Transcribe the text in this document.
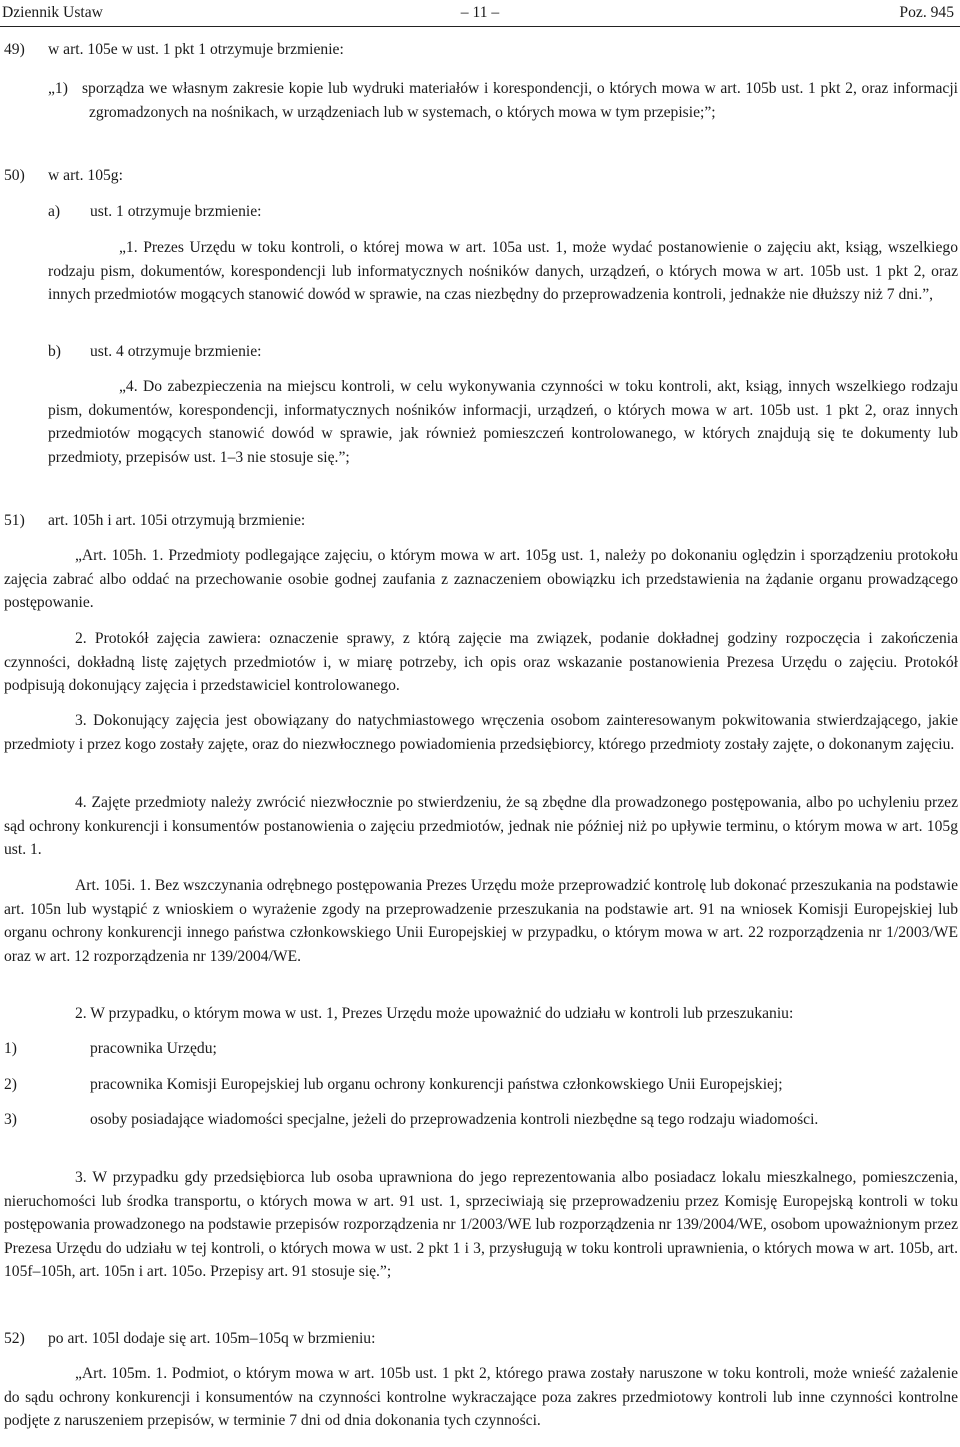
– 11 –
Dziennik Ustaw	Poz. 945
49) w art. 105e w ust. 1 pkt 1 otrzymuje brzmienie:

„1)   sporządza we własnym zakresie kopie lub wydruki materiałów i korespondencji, o których mowa w art. 105b ust. 1 pkt 2, oraz informacji zgromadzonych na nośnikach, w urządzeniach lub w systemach, o których mowa w tym przepisie;”;

50) w art. 105g:

a) ust. 1 otrzymuje brzmienie:

„1. Prezes Urzędu w toku kontroli, o której mowa w art. 105a ust. 1, może wydać postanowienie o zajęciu akt, ksiąg, wszelkiego rodzaju pism, dokumentów, korespondencji lub informatycznych nośników danych, urządzeń, o których mowa w art. 105b ust. 1 pkt 2, oraz innych przedmiotów mogących stanowić dowód w sprawie, na czas niezbędny do przeprowadzenia kontroli, jednakże nie dłuższy niż 7 dni.”,

b) ust. 4 otrzymuje brzmienie:

„4. Do zabezpieczenia na miejscu kontroli, w celu wykonywania czynności w toku kontroli, akt, ksiąg, innych wszelkiego rodzaju pism, dokumentów, korespondencji, informatycznych nośników informacji, urządzeń, o których mowa w art. 105b ust. 1 pkt 2, oraz innych przedmiotów mogących stanowić dowód w sprawie, jak również pomieszczeń kontrolowanego, w których znajdują się te dokumenty lub przedmioty, przepisów ust. 1–3 nie stosuje się.”;

51) art. 105h i art. 105i otrzymują brzmienie:

„Art. 105h. 1. Przedmioty podlegające zajęciu, o którym mowa w art. 105g ust. 1, należy po dokonaniu oględzin i sporządzeniu protokołu zajęcia zabrać albo oddać na przechowanie osobie godnej zaufania z zaznaczeniem obowiązku ich przedstawienia na żądanie organu prowadzącego postępowanie.

2. Protokół zajęcia zawiera: oznaczenie sprawy, z którą zajęcie ma związek, podanie dokładnej godziny rozpoczęcia i zakończenia czynności, dokładną listę zajętych przedmiotów i, w miarę potrzeby, ich opis oraz wskazanie postanowienia Prezesa Urzędu o zajęciu. Protokół podpisują dokonujący zajęcia i przedstawiciel kontrolowanego.

3. Dokonujący zajęcia jest obowiązany do natychmiastowego wręczenia osobom zainteresowanym pokwitowania stwierdzającego, jakie przedmioty i przez kogo zostały zajęte, oraz do niezwłocznego powiadomienia przedsiębiorcy, którego przedmioty zostały zajęte, o dokonanym zajęciu.

4. Zajęte przedmioty należy zwrócić niezwłocznie po stwierdzeniu, że są zbędne dla prowadzonego postępowania, albo po uchyleniu przez sąd ochrony konkurencji i konsumentów postanowienia o zajęciu przedmiotów, jednak nie później niż po upływie terminu, o którym mowa w art. 105g ust. 1.

Art. 105i. 1. Bez wszczynania odrębnego postępowania Prezes Urzędu może przeprowadzić kontrolę lub dokonać przeszukania na podstawie art. 105n lub wystąpić z wnioskiem o wyrażenie zgody na przeprowadzenie przeszukania na podstawie art. 91 na wniosek Komisji Europejskiej lub organu ochrony konkurencji innego państwa członkowskiego Unii Europejskiej w przypadku, o którym mowa w art. 22 rozporządzenia nr 1/2003/WE oraz w art. 12 rozporządzenia nr 139/2004/WE.

2. W przypadku, o którym mowa w ust. 1, Prezes Urzędu może upoważnić do udziału w kontroli lub przeszukaniu:

1)	pracownika Urzędu;

2)	pracownika Komisji Europejskiej lub organu ochrony konkurencji państwa członkowskiego Unii Europejskiej;

3)	osoby posiadające wiadomości specjalne, jeżeli do przeprowadzenia kontroli niezbędne są tego rodzaju wiadomości.

3. W przypadku gdy przedsiębiorca lub osoba uprawniona do jego reprezentowania albo posiadacz lokalu mieszkalnego, pomieszczenia, nieruchomości lub środka transportu, o których mowa w art. 91 ust. 1, sprzeciwiają się przeprowadzeniu przez Komisję Europejską kontroli w toku postępowania prowadzonego na podstawie przepisów rozporządzenia nr 1/2003/WE lub rozporządzenia nr 139/2004/WE, osobom upoważnionym przez Prezesa Urzędu do udziału w tej kontroli, o których mowa w ust. 2 pkt 1 i 3, przysługują w toku kontroli uprawnienia, o których mowa w art. 105b, art. 105f–105h, art. 105n i art. 105o. Przepisy art. 91 stosuje się.”;

52) po art. 105l dodaje się art. 105m–105q w brzmieniu:

„Art. 105m. 1. Podmiot, o którym mowa w art. 105b ust. 1 pkt 2, którego prawa zostały naruszone w toku kontroli, może wnieść zażalenie do sądu ochrony konkurencji i konsumentów na czynności kontrolne wykraczające poza zakres przedmiotowy kontroli lub inne czynności kontrolne podjęte z naruszeniem przepisów, w terminie 7 dni od dnia dokonania tych czynności.
